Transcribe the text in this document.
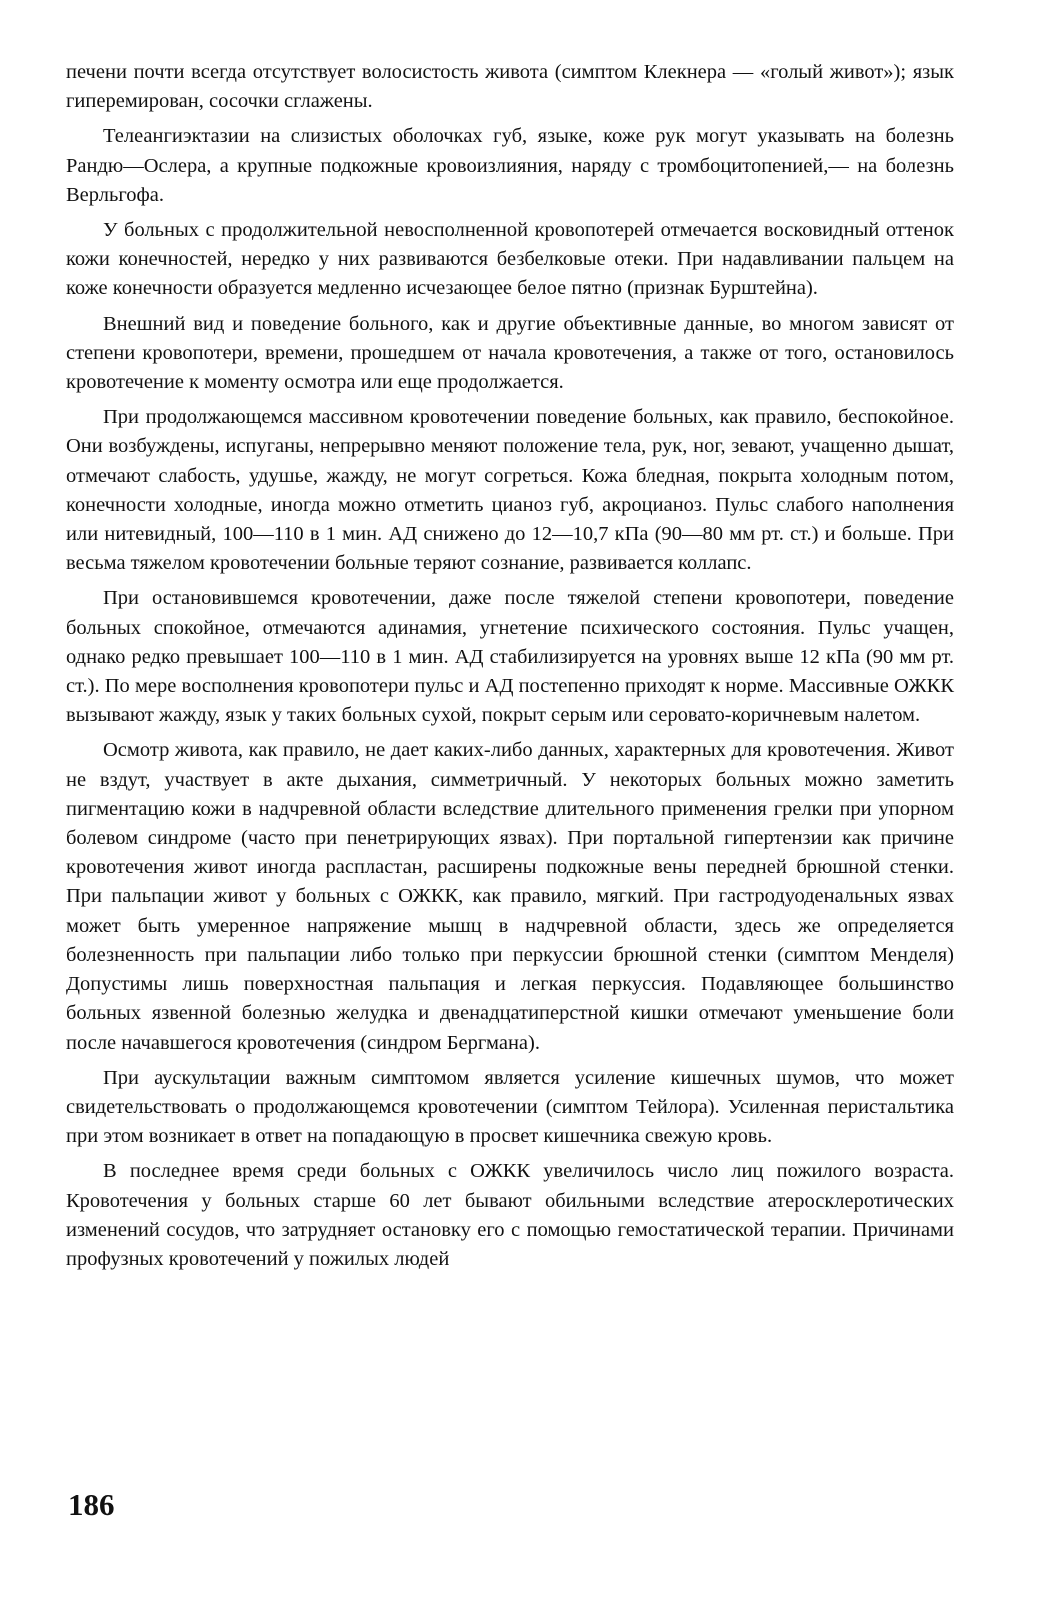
печени почти всегда отсутствует волосистость живота (симптом Клекнера — «голый живот»); язык гиперемирован, сосочки сглажены.

Телеангиэктазии на слизистых оболочках губ, языке, коже рук могут указывать на болезнь Рандю—Ослера, а крупные подкожные кровоизлияния, наряду с тромбоцитопенией,— на болезнь Верльгофа.

У больных с продолжительной невосполненной кровопотерей отмечается восковидный оттенок кожи конечностей, нередко у них развиваются безбелковые отеки. При надавливании пальцем на коже конечности образуется медленно исчезающее белое пятно (признак Бурштейна).

Внешний вид и поведение больного, как и другие объективные данные, во многом зависят от степени кровопотери, времени, прошедшем от начала кровотечения, а также от того, остановилось кровотечение к моменту осмотра или еще продолжается.

При продолжающемся массивном кровотечении поведение больных, как правило, беспокойное. Они возбуждены, испуганы, непрерывно меняют положение тела, рук, ног, зевают, учащенно дышат, отмечают слабость, удушье, жажду, не могут согреться. Кожа бледная, покрыта холодным потом, конечности холодные, иногда можно отметить цианоз губ, акроцианоз. Пульс слабого наполнения или нитевидный, 100—110 в 1 мин. АД снижено до 12—10,7 кПа (90—80 мм рт. ст.) и больше. При весьма тяжелом кровотечении больные теряют сознание, развивается коллапс.

При остановившемся кровотечении, даже после тяжелой степени кровопотери, поведение больных спокойное, отмечаются адинамия, угнетение психического состояния. Пульс учащен, однако редко превышает 100—110 в 1 мин. АД стабилизируется на уровнях выше 12 кПа (90 мм рт. ст.). По мере восполнения кровопотери пульс и АД постепенно приходят к норме. Массивные ОЖКК вызывают жажду, язык у таких больных сухой, покрыт серым или серовато-коричневым налетом.

Осмотр живота, как правило, не дает каких-либо данных, характерных для кровотечения. Живот не вздут, участвует в акте дыхания, симметричный. У некоторых больных можно заметить пигментацию кожи в надчревной области вследствие длительного применения грелки при упорном болевом синдроме (часто при пенетрирующих язвах). При портальной гипертензии как причине кровотечения живот иногда распластан, расширены подкожные вены передней брюшной стенки. При пальпации живот у больных с ОЖКК, как правило, мягкий. При гастродуоденальных язвах может быть умеренное напряжение мышц в надчревной области, здесь же определяется болезненность при пальпации либо только при перкуссии брюшной стенки (симптом Менделя) Допустимы лишь поверхностная пальпация и легкая перкуссия. Подавляющее большинство больных язвенной болезнью желудка и двенадцатиперстной кишки отмечают уменьшение боли после начавшегося кровотечения (синдром Бергмана).

При аускультации важным симптомом является усиление кишечных шумов, что может свидетельствовать о продолжающемся кровотечении (симптом Тейлора). Усиленная перистальтика при этом возникает в ответ на попадающую в просвет кишечника свежую кровь.

В последнее время среди больных с ОЖКК увеличилось число лиц пожилого возраста. Кровотечения у больных старше 60 лет бывают обильными вследствие атеросклеротических изменений сосудов, что затрудняет остановку его с помощью гемостатической терапии. Причинами профузных кровотечений у пожилых людей

186
